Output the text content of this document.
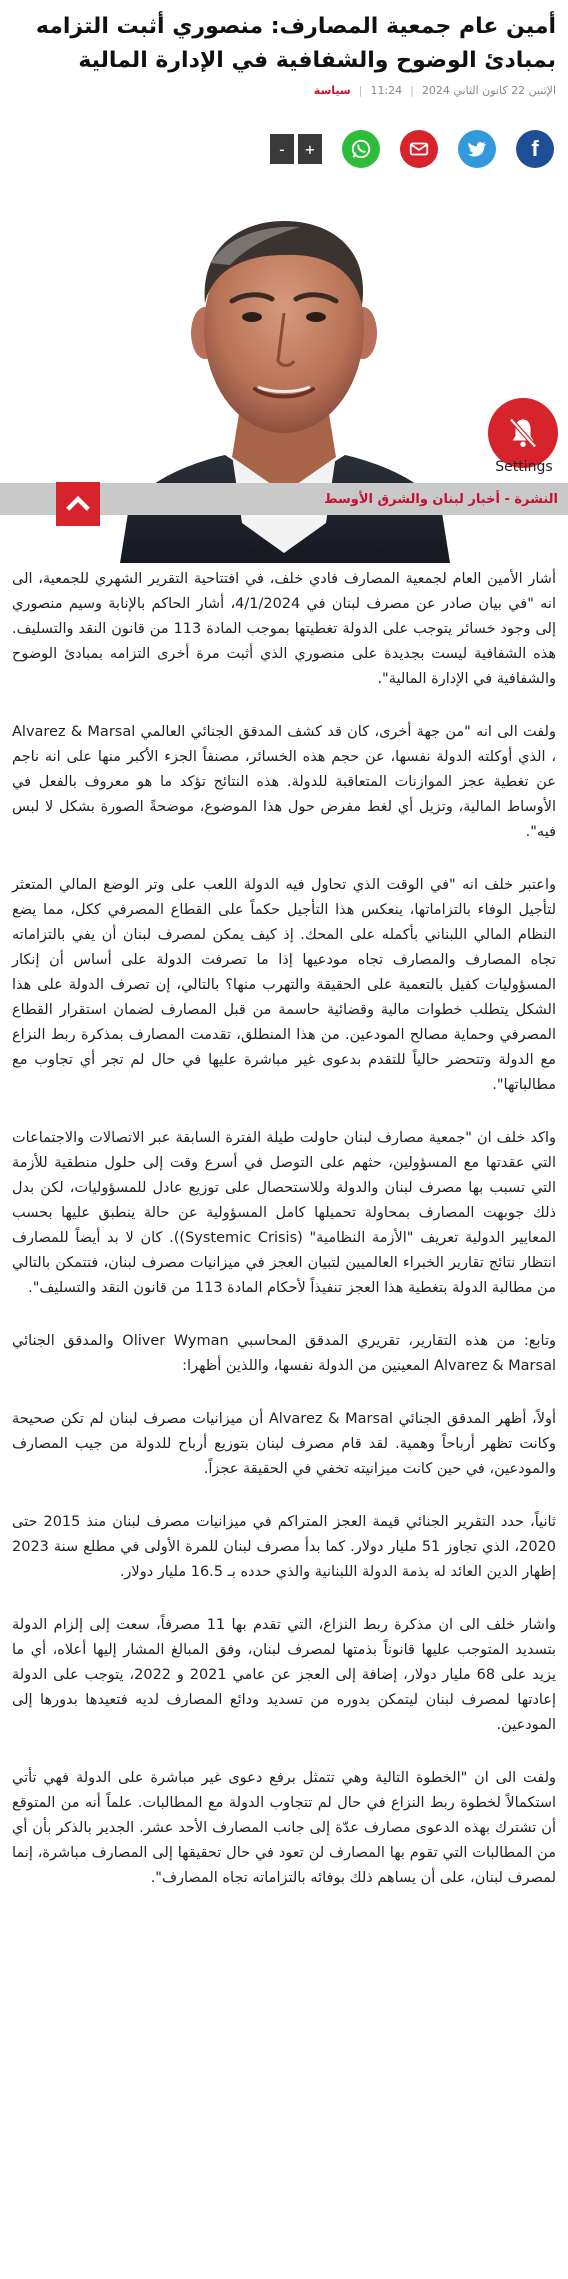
أمين عام جمعية المصارف: منصوري أثبت التزامه بمبادئ الوضوح والشفافية في الإدارة المالية
الإثنين 22 كانون الثاني 2024
|
11:24
|
سياسة
-	+	f
Settings
النشرة - أخبار لبنان والشرق الأوسط

أشار الأمين العام لجمعية المصارف فادي خلف، في افتتاحية التقرير الشهري للجمعية، الى انه "في بيان صادر عن مصرف لبنان في 4/1/2024، أشار الحاكم بالإنابة وسيم منصوري إلى وجود خسائر يتوجب على الدولة تغطيتها بموجب المادة 113 من قانون النقد والتسليف. هذه الشفافية ليست بجديدة على منصوري الذي أثبت مرة أخرى التزامه بمبادئ الوضوح والشفافية في الإدارة المالية".

ولفت الى انه "من جهة أخرى، كان قد كشف المدقق الجنائي العالمي Alvarez & Marsal ، الذي أوكلته الدولة نفسها، عن حجم هذه الخسائر، مصنفاً الجزء الأكبر منها على انه ناجم عن تغطية عجز الموازنات المتعاقبة للدولة. هذه النتائج تؤكد ما هو معروف بالفعل في الأوساط المالية، وتزيل أي لغط مفرض حول هذا الموضوع، موضحةً الصورة بشكل لا لبس فيه".

واعتبر خلف انه "في الوقت الذي تحاول فيه الدولة اللعب على وتر الوضع المالي المتعثر لتأجيل الوفاء بالتزاماتها، ينعكس هذا التأجيل حكماً على القطاع المصرفي ككل، مما يضع النظام المالي اللبناني بأكمله على المحك. إذ كيف يمكن لمصرف لبنان أن يفي بالتزاماته تجاه المصارف والمصارف تجاه مودعيها إذا ما تصرفت الدولة على أساس أن إنكار المسؤوليات كفيل بالتعمية على الحقيقة والتهرب منها؟ بالتالي، إن تصرف الدولة على هذا الشكل يتطلب خطوات مالية وقضائية حاسمة من قبل المصارف لضمان استقرار القطاع المصرفي وحماية مصالح المودعين. من هذا المنطلق، تقدمت المصارف بمذكرة ربط النزاع مع الدولة وتتحضر حالياً للتقدم بدعوى غير مباشرة عليها في حال لم تجر أي تجاوب مع مطالباتها".

واكد خلف ان "جمعية مصارف لبنان حاولت طيلة الفترة السابقة عبر الاتصالات والاجتماعات التي عقدتها مع المسؤولين، حثهم على التوصل في أسرع وقت إلى حلول منطقية للأزمة التي تسبب بها مصرف لبنان والدولة وللاستحصال على توزيع عادل للمسؤوليات، لكن بدل ذلك جوبهت المصارف بمحاولة تحميلها كامل المسؤولية عن حالة ينطبق عليها بحسب المعايير الدولية تعريف "الأزمة النظامية" (Systemic Crisis)). كان لا بد أيضاً للمصارف انتظار نتائج تقارير الخبراء العالميين لتبيان العجز في ميزانيات مصرف لبنان، فتتمكن بالتالي من مطالبة الدولة بتغطية هذا العجز تنفيذاً لأحكام المادة 113 من قانون النقد والتسليف".

وتابع: من هذه التقارير، تقريري المدقق المحاسبي Oliver Wyman والمدقق الجنائي Alvarez & Marsal المعينين من الدولة نفسها، واللذين أظهرا:

أولاً، أظهر المدقق الجنائي Alvarez & Marsal أن ميزانيات مصرف لبنان لم تكن صحيحة وكانت تظهر أرباحاً وهمية. لقد قام مصرف لبنان بتوزيع أرباح للدولة من جيب المصارف والمودعين، في حين كانت ميزانيته تخفي في الحقيقة عجزاً.

ثانياً، حدد التقرير الجنائي قيمة العجز المتراكم في ميزانيات مصرف لبنان منذ 2015 حتى 2020، الذي تجاوز 51 مليار دولار. كما بدأ مصرف لبنان للمرة الأولى في مطلع سنة 2023 إظهار الدين العائد له بذمة الدولة اللبنانية والذي حدده بـ 16.5 مليار دولار.

واشار خلف الى ان مذكرة ربط النزاع، التي تقدم بها 11 مصرفاً، سعت إلى إلزام الدولة بتسديد المتوجب عليها قانوناً بذمتها لمصرف لبنان، وفق المبالغ المشار إليها أعلاه، أي ما يزيد على 68 مليار دولار، إضافة إلى العجز عن عامي 2021 و 2022، يتوجب على الدولة إعادتها لمصرف لبنان ليتمكن بدوره من تسديد ودائع المصارف لديه فتعيدها بدورها إلى المودعين.

ولفت الى ان "الخطوة التالية وهي تتمثل برفع دعوى غير مباشرة على الدولة فهي تأتي استكمالاً لخطوة ربط النزاع في حال لم تتجاوب الدولة مع المطالبات. علماً أنه من المتوقع أن تشترك بهذه الدعوى مصارف عدّة إلى جانب المصارف الأحد عشر. الجدير بالذكر بأن أي من المطالبات التي تقوم بها المصارف لن تعود في حال تحقيقها إلى المصارف مباشرة، إنما لمصرف لبنان، على أن يساهم ذلك بوفائه بالتزاماته تجاه المصارف".
